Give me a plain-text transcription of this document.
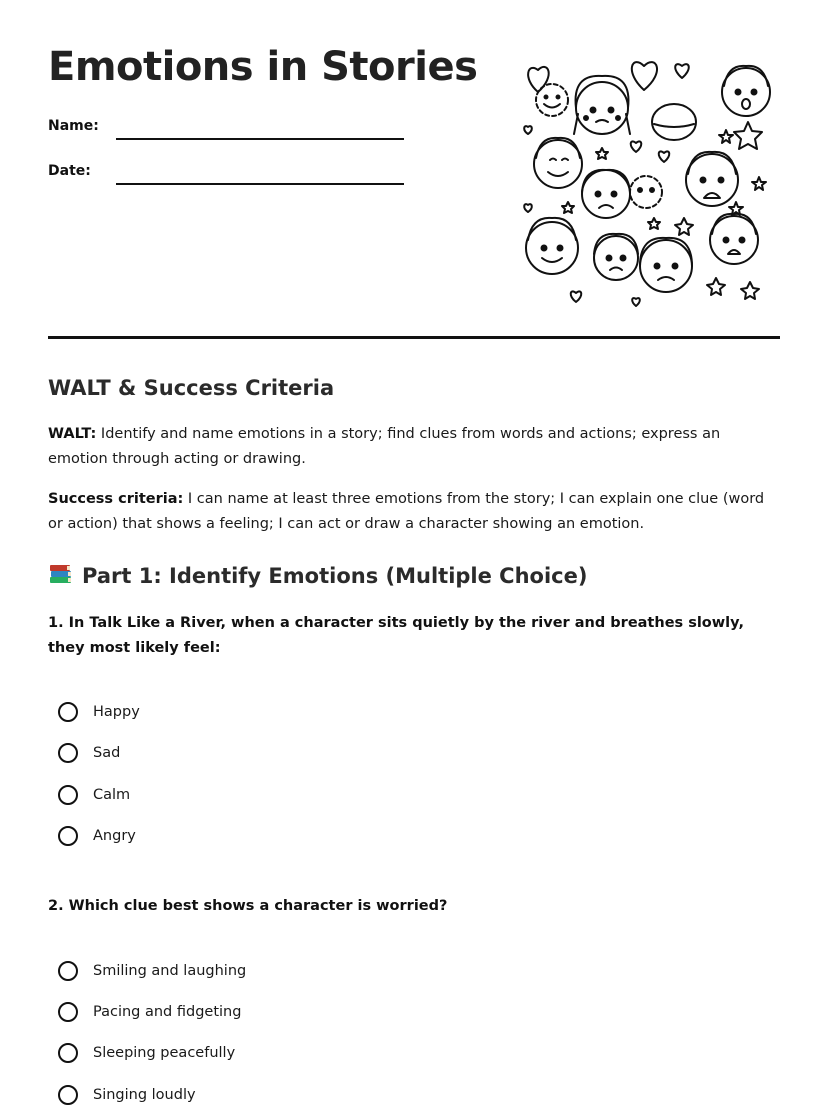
Emotions in Stories
Name:
Date:
WALT & Success Criteria

WALT: Identify and name emotions in a story; find clues from words and actions; express an emotion through acting or drawing.

Success criteria: I can name at least three emotions from the story; I can explain one clue (word or action) that shows a feeling; I can act or draw a character showing an emotion.

Part 1: Identify Emotions (Multiple Choice)

1. In Talk Like a River, when a character sits quietly by the river and breathes slowly, they most likely feel:

Happy
Sad
Calm
Angry

2. Which clue best shows a character is worried?

Smiling and laughing
Pacing and fidgeting
Sleeping peacefully
Singing loudly
